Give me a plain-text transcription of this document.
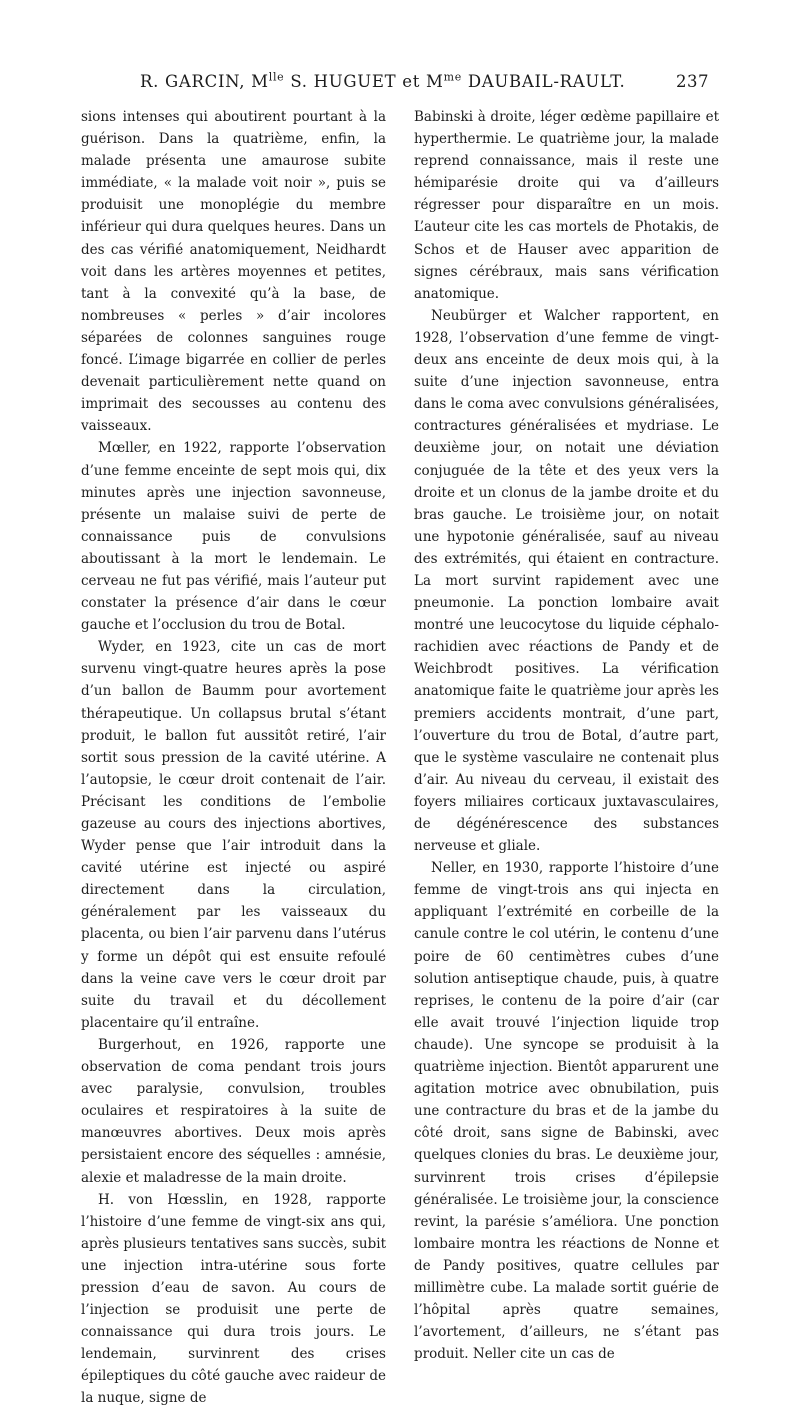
R. GARCIN, $M^{lle}$ S. HUGUET et $M^{me}$ DAUBAIL-RAULT.	237

sions intenses qui aboutirent pourtant à la guérison. Dans la quatrième, enfin, la malade présenta une amaurose subite immédiate, « la malade voit noir », puis se produisit une monoplégie du membre inférieur qui dura quelques heures. Dans un des cas vérifié anatomiquement, Neidhardt voit dans les artères moyennes et petites, tant à la convexité qu’à la base, de nombreuses « perles » d’air incolores séparées de colonnes sanguines rouge foncé. L’image bigarrée en collier de perles devenait particulièrement nette quand on imprimait des secousses au contenu des vaisseaux.

Mœller, en 1922, rapporte l’observation d’une femme enceinte de sept mois qui, dix minutes après une injection savonneuse, présente un malaise suivi de perte de connaissance puis de convulsions aboutissant à la mort le lendemain. Le cerveau ne fut pas vérifié, mais l’auteur put constater la présence d’air dans le cœur gauche et l’occlusion du trou de Botal.

Wyder, en 1923, cite un cas de mort survenu vingt-quatre heures après la pose d’un ballon de Baumm pour avortement thérapeutique. Un collapsus brutal s’étant produit, le ballon fut aussitôt retiré, l’air sortit sous pression de la cavité utérine. A l’autopsie, le cœur droit contenait de l’air. Précisant les conditions de l’embolie gazeuse au cours des injections abortives, Wyder pense que l’air introduit dans la cavité utérine est injecté ou aspiré directement dans la circulation, généralement par les vaisseaux du placenta, ou bien l’air parvenu dans l’utérus y forme un dépôt qui est ensuite refoulé dans la veine cave vers le cœur droit par suite du travail et du décollement placentaire qu’il entraîne.

Burgerhout, en 1926, rapporte une observation de coma pendant trois jours avec paralysie, convulsion, troubles oculaires et respiratoires à la suite de manœuvres abortives. Deux mois après persistaient encore des séquelles : amnésie, alexie et maladresse de la main droite.

H. von Hœsslin, en 1928, rapporte l’histoire d’une femme de vingt-six ans qui, après plusieurs tentatives sans succès, subit une injection intra-utérine sous forte pression d’eau de savon. Au cours de l’injection se produisit une perte de connaissance qui dura trois jours. Le lendemain, survinrent des crises épileptiques du côté gauche avec raideur de la nuque, signe de

Babinski à droite, léger œdème papillaire et hyperthermie. Le quatrième jour, la malade reprend connaissance, mais il reste une hémiparésie droite qui va d’ailleurs régresser pour disparaître en un mois. L’auteur cite les cas mortels de Photakis, de Schos et de Hauser avec apparition de signes cérébraux, mais sans vérification anatomique.

Neubürger et Walcher rapportent, en 1928, l’observation d’une femme de vingt-deux ans enceinte de deux mois qui, à la suite d’une injection savonneuse, entra dans le coma avec convulsions généralisées, contractures généralisées et mydriase. Le deuxième jour, on notait une déviation conjuguée de la tête et des yeux vers la droite et un clonus de la jambe droite et du bras gauche. Le troisième jour, on notait une hypotonie généralisée, sauf au niveau des extrémités, qui étaient en contracture. La mort survint rapidement avec une pneumonie. La ponction lombaire avait montré une leucocytose du liquide céphalo-rachidien avec réactions de Pandy et de Weichbrodt positives. La vérification anatomique faite le quatrième jour après les premiers accidents montrait, d’une part, l’ouverture du trou de Botal, d’autre part, que le système vasculaire ne contenait plus d’air. Au niveau du cerveau, il existait des foyers miliaires corticaux juxtavasculaires, de dégénérescence des substances nerveuse et gliale.

Neller, en 1930, rapporte l’histoire d’une femme de vingt-trois ans qui injecta en appliquant l’extrémité en corbeille de la canule contre le col utérin, le contenu d’une poire de 60 centimètres cubes d’une solution antiseptique chaude, puis, à quatre reprises, le contenu de la poire d’air (car elle avait trouvé l’injection liquide trop chaude). Une syncope se produisit à la quatrième injection. Bientôt apparurent une agitation motrice avec obnubilation, puis une contracture du bras et de la jambe du côté droit, sans signe de Babinski, avec quelques clonies du bras. Le deuxième jour, survinrent trois crises d’épilepsie généralisée. Le troisième jour, la conscience revint, la parésie s’améliora. Une ponction lombaire montra les réactions de Nonne et de Pandy positives, quatre cellules par millimètre cube. La malade sortit guérie de l’hôpital après quatre semaines, l’avortement, d’ailleurs, ne s’étant pas produit. Neller cite un cas de
